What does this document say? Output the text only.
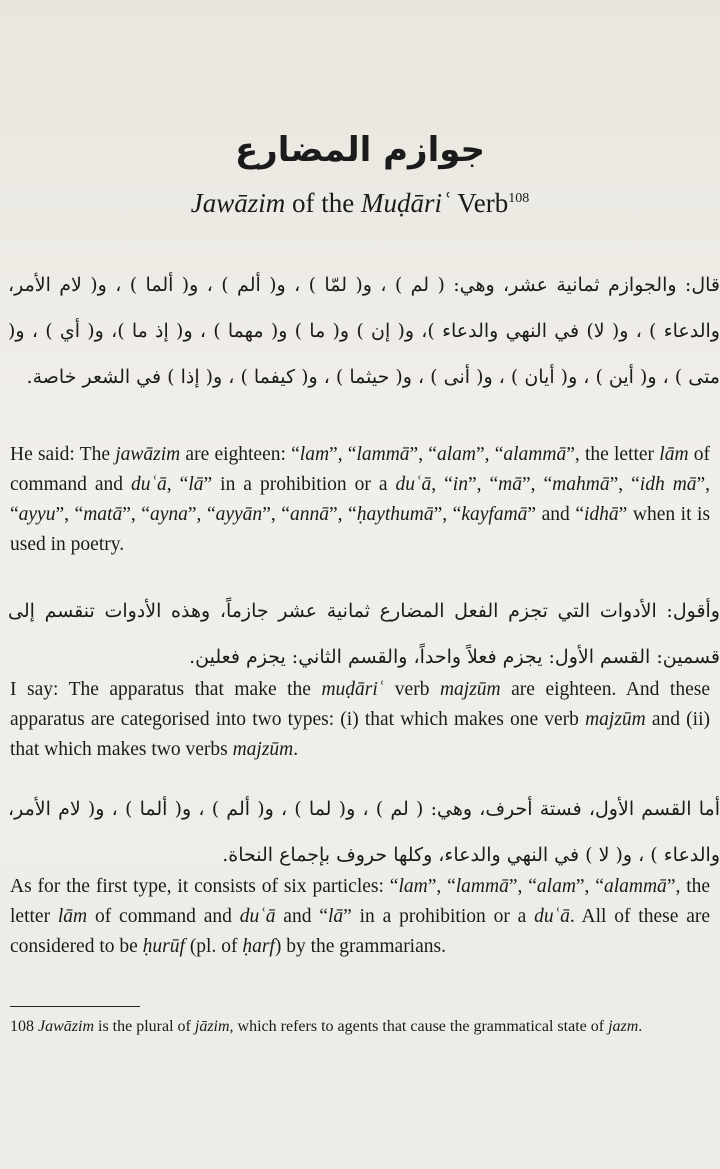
جوازم المضارع
Jawāzim of the Muḍāriʿ Verb$^{108}$
قال: والجوازم ثمانية عشر، وهي: ( لم ) ، و( لمّا ) ، و( ألم ) ، و( ألما ) ، و( لام الأمر، والدعاء ) ، و( لا) في النهي والدعاء )، و( إن ) و( ما ) و( مهما ) ، و( إذ ما )، و( أي ) ، و( متى ) ، و( أين ) ، و( أيان ) ، و( أنى ) ، و( حيثما ) ، و( كيفما ) ، و( إذا ) في الشعر خاصة.
He said: The jawāzim are eighteen: “lam”, “lammā”, “alam”, “alammā”, the letter lām of command and duʿā, “lā” in a prohibition or a duʿā, “in”, “mā”, “mahmā”, “idh mā”, “ayyu”, “matā”, “ayna”, “ayyān”, “annā”, “ḥaythumā”, “kayfamā” and “idhā” when it is used in poetry.
وأقول: الأدوات التي تجزم الفعل المضارع ثمانية عشر جازماً، وهذه الأدوات تنقسم إلى قسمين: القسم الأول: يجزم فعلاً واحداً، والقسم الثاني: يجزم فعلين.
I say: The apparatus that make the muḍāriʿ verb majzūm are eighteen. And these apparatus are categorised into two types: (i) that which makes one verb majzūm and (ii) that which makes two verbs majzūm.
أما القسم الأول، فستة أحرف، وهي: ( لم ) ، و( لما ) ، و( ألم ) ، و( ألما ) ، و( لام الأمر، والدعاء ) ، و( لا ) في النهي والدعاء، وكلها حروف بإجماع النحاة.
As for the first type, it consists of six particles: “lam”, “lammā”, “alam”, “alammā”, the letter lām of command and duʿā and “lā” in a prohibition or a duʿā. All of these are considered to be ḥurūf (pl. of ḥarf) by the grammarians.
108 Jawāzim is the plural of jāzim, which refers to agents that cause the grammatical state of jazm.
